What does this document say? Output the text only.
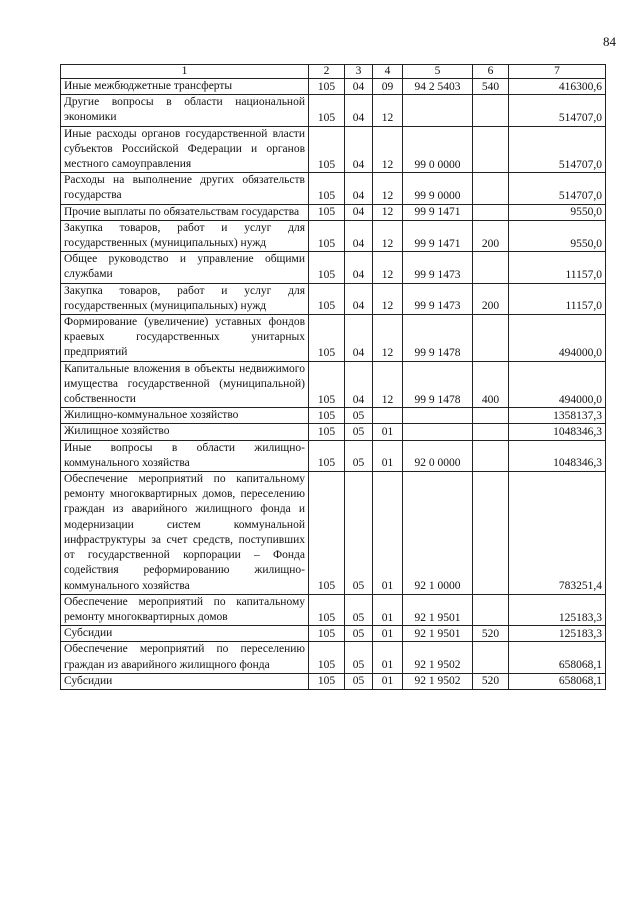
84
1	2	3	4	5	6	7
Иные межбюджетные трансферты	105	04	09	94 2 5403	540	416300,6
Другие вопросы в области национальной экономики	105	04	12			514707,0
Иные расходы органов государственной власти субъектов Российской Федерации и органов местного самоуправления	105	04	12	99 0 0000		514707,0
Расходы на выполнение других обязательств государства	105	04	12	99 9 0000		514707,0
Прочие выплаты по обязательствам государства	105	04	12	99 9 1471		9550,0
Закупка товаров, работ и услуг для государственных (муниципальных) нужд	105	04	12	99 9 1471	200	9550,0
Общее руководство и управление общими службами	105	04	12	99 9 1473		11157,0
Закупка товаров, работ и услуг для государственных (муниципальных) нужд	105	04	12	99 9 1473	200	11157,0
Формирование (увеличение) уставных фондов краевых государственных унитарных предприятий	105	04	12	99 9 1478		494000,0
Капитальные вложения в объекты недвижимого имущества государственной (муниципальной) собственности	105	04	12	99 9 1478	400	494000,0
Жилищно-коммунальное хозяйство	105	05				1358137,3
Жилищное хозяйство	105	05	01			1048346,3
Иные вопросы в области жилищно-коммунального хозяйства	105	05	01	92 0 0000		1048346,3
Обеспечение мероприятий по капитальному ремонту многоквартирных домов, переселению граждан из аварийного жилищного фонда и модернизации систем коммунальной инфраструктуры за счет средств, поступивших от государственной корпорации – Фонда содействия реформированию жилищно-коммунального хозяйства	105	05	01	92 1 0000		783251,4
Обеспечение мероприятий по капитальному ремонту многоквартирных домов	105	05	01	92 1 9501		125183,3
Субсидии	105	05	01	92 1 9501	520	125183,3
Обеспечение мероприятий по переселению граждан из аварийного жилищного фонда	105	05	01	92 1 9502		658068,1
Субсидии	105	05	01	92 1 9502	520	658068,1
